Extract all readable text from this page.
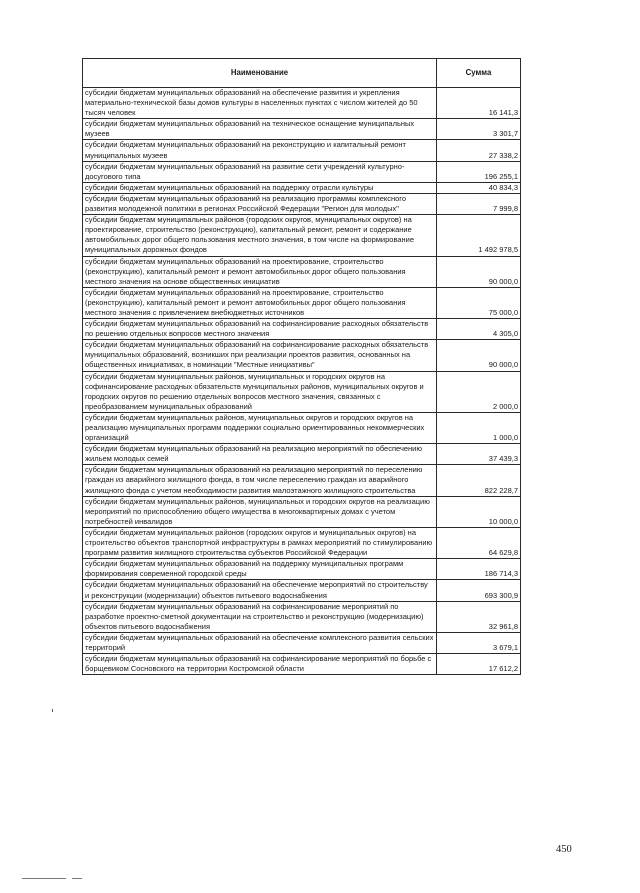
Наименование	Сумма
субсидии бюджетам муниципальных образований на обеспечение развития и укрепления материально-технической базы домов культуры в населенных пунктах с числом жителей до 50 тысяч человек	16 141,3
субсидии бюджетам муниципальных образований на техническое оснащение муниципальных музеев	3 301,7
субсидии бюджетам муниципальных образований на реконструкцию и капитальный ремонт муниципальных музеев	27 338,2
субсидии бюджетам муниципальных образований на развитие сети учреждений культурно-досугового типа	196 255,1
субсидии бюджетам муниципальных образований на поддержку отрасли культуры	40 834,3
субсидии бюджетам муниципальных образований на реализацию программы комплексного развития молодежной политики в регионах Российской Федерации "Регион для молодых"	7 999,8
субсидии бюджетам муниципальных районов (городских округов, муниципальных округов) на проектирование, строительство (реконструкцию), капитальный ремонт, ремонт и содержание автомобильных дорог общего пользования местного значения, в том числе на формирование муниципальных дорожных фондов	1 492 978,5
субсидии бюджетам муниципальных образований на проектирование, строительство (реконструкцию), капитальный ремонт и ремонт автомобильных дорог общего пользования местного значения на основе общественных инициатив	90 000,0
субсидии бюджетам муниципальных образований на проектирование, строительство (реконструкцию), капитальный ремонт и ремонт автомобильных дорог общего пользования местного значения с привлечением внебюджетных источников	75 000,0
субсидии бюджетам муниципальных образований на софинансирование расходных обязательств по решению отдельных вопросов местного значения	4 305,0
субсидии бюджетам муниципальных образований на софинансирование расходных обязательств муниципальных образований, возникших при реализации проектов развития, основанных на общественных инициативах, в номинации "Местные инициативы"	90 000,0
субсидии бюджетам муниципальных районов, муниципальных и городских округов на софинансирование расходных обязательств муниципальных районов, муниципальных округов и городских округов по решению отдельных вопросов местного значения, связанных с преобразованием муниципальных образований	2 000,0
субсидии бюджетам муниципальных районов, муниципальных округов и городских округов на реализацию муниципальных программ поддержки социально ориентированных некоммерческих организаций	1 000,0
субсидии бюджетам муниципальных образований на реализацию мероприятий по обеспечению жильем молодых семей	37 439,3
субсидии бюджетам муниципальных образований на реализацию мероприятий по переселению граждан из аварийного жилищного фонда, в том числе переселению граждан из аварийного жилищного фонда с учетом необходимости развития малоэтажного жилищного строительства	822 228,7
субсидии бюджетам муниципальных районов, муниципальных и городских округов на реализацию мероприятий по приспособлению общего имущества в многоквартирных домах с учетом потребностей инвалидов	10 000,0
субсидии бюджетам муниципальных районов (городских округов и муниципальных округов) на строительство объектов транспортной инфраструктуры в рамках мероприятий по стимулированию программ развития жилищного строительства субъектов Российской Федерации	64 629,8
субсидии бюджетам муниципальных образований на поддержку муниципальных программ формирования современной городской среды	186 714,3
субсидии бюджетам муниципальных образований на обеспечение мероприятий по строительству и реконструкции (модернизации) объектов питьевого водоснабжения	693 300,9
субсидии бюджетам муниципальных образований на софинансирование мероприятий по разработке проектно-сметной документации на строительство и реконструкцию (модернизацию) объектов питьевого водоснабжения	32 961,8
субсидии бюджетам муниципальных образований на обеспечение комплексного развития сельских территорий	3 679,1
субсидии бюджетам муниципальных образований на софинансирование мероприятий по борьбе с борщевиком Сосновского на территории Костромской области	17 612,2
450
